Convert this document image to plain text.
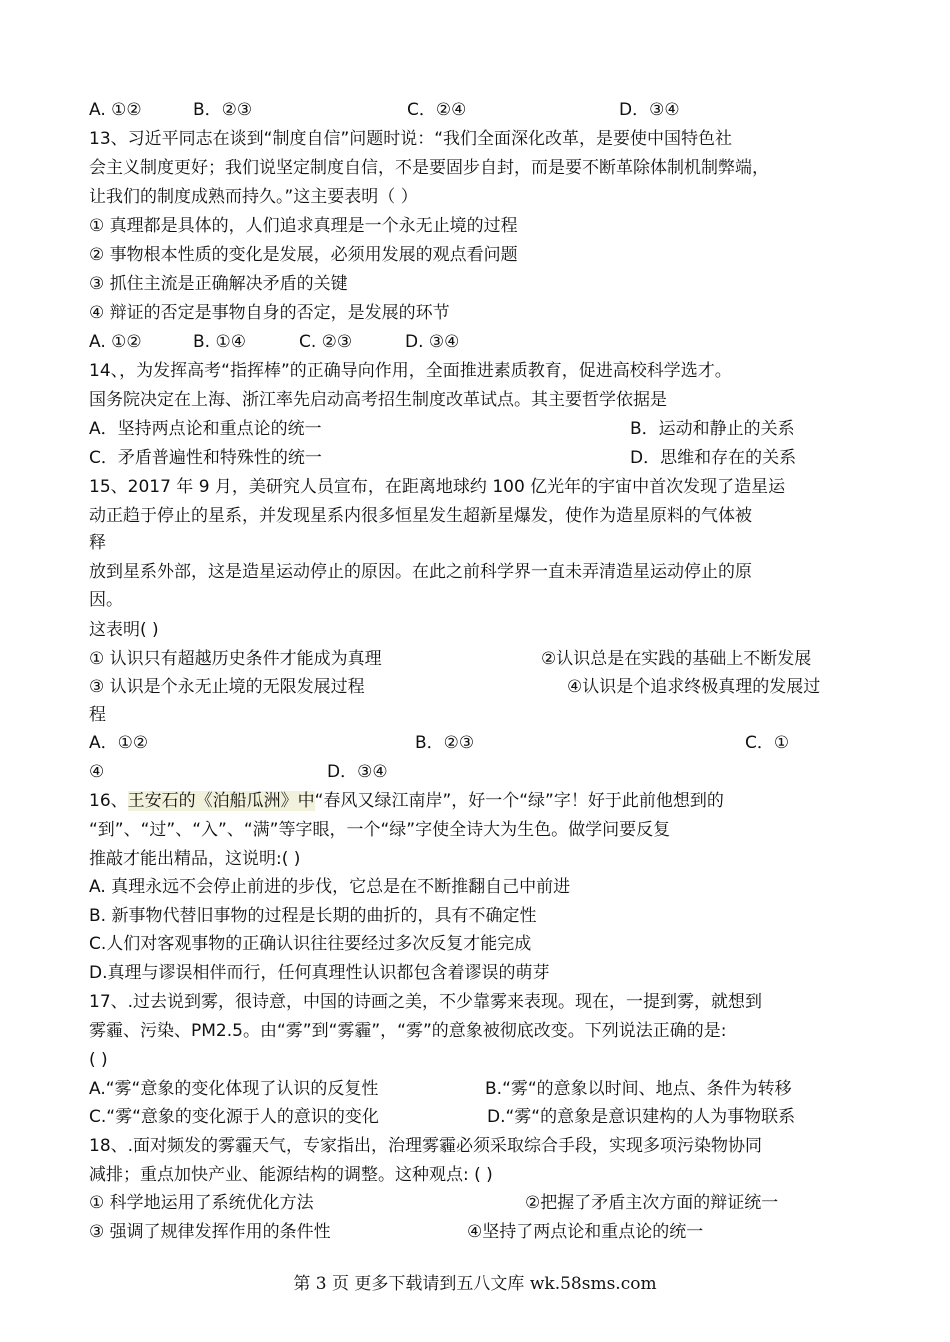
A. ①②	B．②③	C．②④	D．③④
13、习近平同志在谈到“制度自信”问题时说：“我们全面深化改革，是要使中国特色社
会主义制度更好；我们说坚定制度自信，不是要固步自封，而是要不断革除体制机制弊端，
让我们的制度成熟而持久。”这主要表明（ ）
① 真理都是具体的，人们追求真理是一个永无止境的过程
② 事物根本性质的变化是发展，必须用发展的观点看问题
③ 抓住主流是正确解决矛盾的关键
④ 辩证的否定是事物自身的否定，是发展的环节
A. ①②	B. ①④	C. ②③	D. ③④
14、，为发挥高考“指挥棒”的正确导向作用，全面推进素质教育，促进高校科学选才。
国务院决定在上海、浙江率先启动高考招生制度改革试点。其主要哲学依据是
A．坚持两点论和重点论的统一	B．运动和静止的关系
C．矛盾普遍性和特殊性的统一	D．思维和存在的关系
15、2017 年 9 月，美研究人员宣布，在距离地球约 100 亿光年的宇宙中首次发现了造星运
动正趋于停止的星系，并发现星系内很多恒星发生超新星爆发，使作为造星原料的气体被
释
放到星系外部，这是造星运动停止的原因。在此之前科学界一直未弄清造星运动停止的原
因。
这表明( )
① 认识只有超越历史条件才能成为真理	②认识总是在实践的基础上不断发展
③ 认识是个永无止境的无限发展过程	④认识是个追求终极真理的发展过
程
A．①②	B．②③	C．①
④	D．③④
16、王安石的《泊船瓜洲》中“春风又绿江南岸”，好一个“绿”字！好于此前他想到的
“到”、“过”、“入”、“满”等字眼，一个“绿”字使全诗大为生色。做学问要反复
推敲才能出精品，这说明:( )
A. 真理永远不会停止前进的步伐，它总是在不断推翻自己中前进
B. 新事物代替旧事物的过程是长期的曲折的，具有不确定性
C.人们对客观事物的正确认识往往要经过多次反复才能完成
D.真理与谬误相伴而行，任何真理性认识都包含着谬误的萌芽
17、.过去说到雾，很诗意，中国的诗画之美，不少靠雾来表现。现在，一提到雾，就想到
雾霾、污染、PM2.5。由“雾”到“雾霾”，“雾”的意象被彻底改变。下列说法正确的是:
( )
A.“雾“意象的变化体现了认识的反复性	B.“雾“的意象以时间、地点、条件为转移
C.“雾“意象的变化源于人的意识的变化	D.“雾“的意象是意识建构的人为事物联系
18、.面对频发的雾霾天气，专家指出，治理雾霾必须采取综合手段，实现多项污染物协同
减排；重点加快产业、能源结构的调整。这种观点: ( )
① 科学地运用了系统优化方法	②把握了矛盾主次方面的辩证统一
③ 强调了规律发挥作用的条件性	④坚持了两点论和重点论的统一
第 3 页 更多下载请到五八文库 wk.58sms.com
